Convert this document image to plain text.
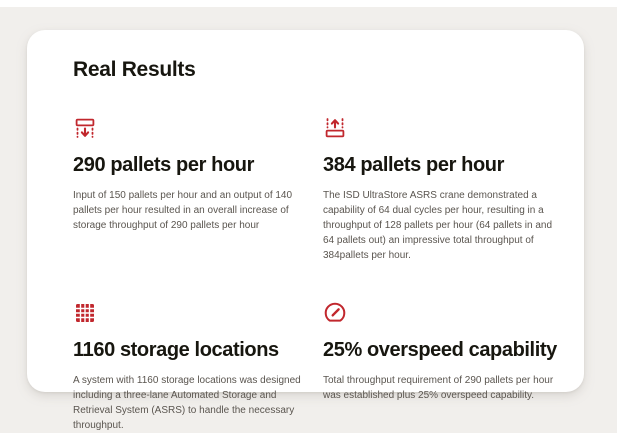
Real Results
290 pallets per hour

Input of 150 pallets per hour and an output of 140 pallets per hour resulted in an overall increase of storage throughput of 290 pallets per hour

384 pallets per hour

The ISD UltraStore ASRS crane demonstrated a capability of 64 dual cycles per hour, resulting in a throughput of 128 pallets per hour (64 pallets in and 64 pallets out) an impressive total throughput of 384pallets per hour.

1160 storage locations

A system with 1160 storage locations was designed including a three-lane Automated Storage and Retrieval System (ASRS) to handle the necessary throughput.

25% overspeed capability

Total throughput requirement of 290 pallets per hour was established plus 25% overspeed capability.
